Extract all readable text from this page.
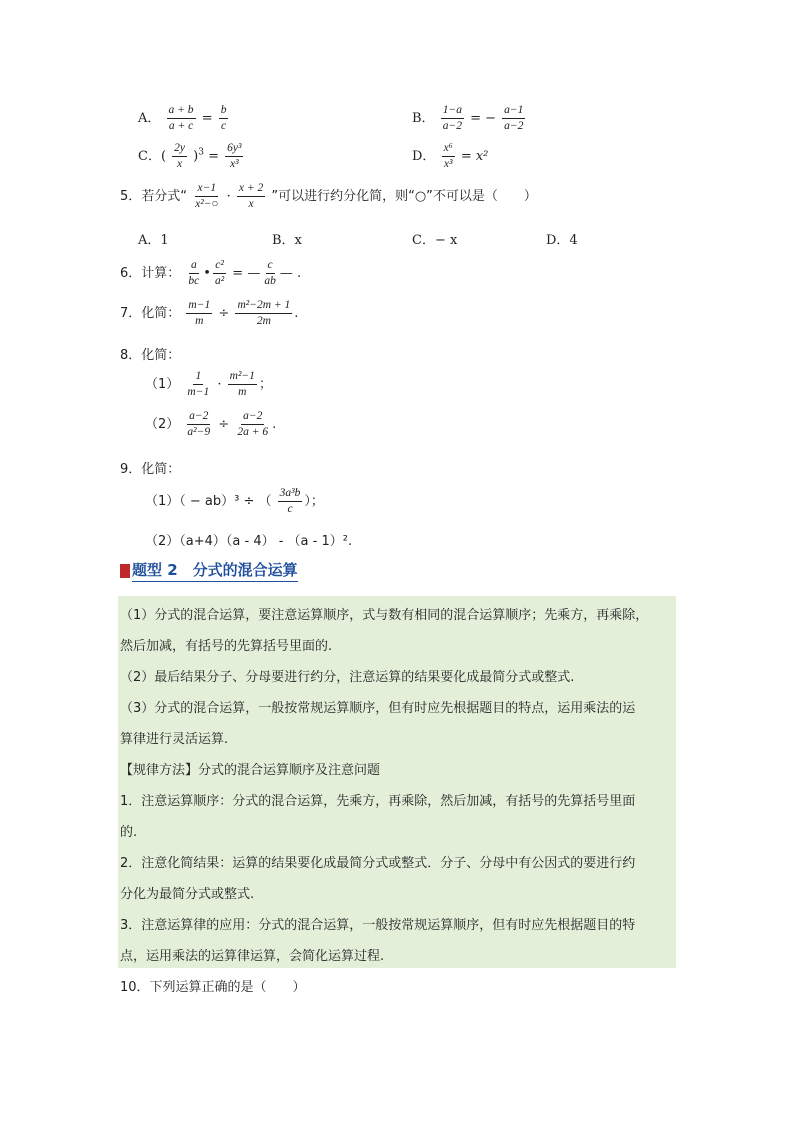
A． $\frac{a + b}{a + c} = \frac{b}{c}$	B． $\frac{1-a}{a-2}$ = − $\frac{a-1}{a-2}$
C．( $\frac{2y}{x} )^3 = \frac{\text{6y³}}{\text{x³}}$	D． $\frac{\text{x⁶}}{\text{x³}} = x^2$
5．若分式“ $\frac{x-1}{\text{x²−○}} \cdot \frac{x + 2}{x}$ ”可以进行约分化简，则“○”不可以是（　　）
A．1	B．x	C．− x	D．4
6．计算： $\frac{a}{bc}$ • $\frac{\text{c²}}{\text{a²}}$ = — $\frac{c}{ab}$ — .
7．化简： $\frac{m-1}{m} \div \frac{\text{m²−2m + 1}}{2m}$ .
8．化简：
$(1) \frac{1}{m-1} \cdot \frac{\text{m²−1}}{m}$ ；
$(2) \frac{a-2}{\text{a²−9}} \div \frac{a-2}{2a + 6}$ .
9．化简：
（1）（ − ab）³ ÷ （ $\frac{\text{3a³b}}{c}$ ）；
（2）（a+4）（a - 4） - （a - 1）².
题型 2　分式的混合运算
（1）分式的混合运算，要注意运算顺序，式与数有相同的混合运算顺序；先乘方，再乘除，
然后加减，有括号的先算括号里面的.
（2）最后结果分子、分母要进行约分，注意运算的结果要化成最简分式或整式.
（3）分式的混合运算，一般按常规运算顺序，但有时应先根据题目的特点，运用乘法的运
算律进行灵活运算.
【规律方法】分式的混合运算顺序及注意问题
1．注意运算顺序：分式的混合运算，先乘方，再乘除，然后加减，有括号的先算括号里面
的.
2．注意化简结果：运算的结果要化成最简分式或整式．分子、分母中有公因式的要进行约
分化为最简分式或整式.
3．注意运算律的应用：分式的混合运算，一般按常规运算顺序，但有时应先根据题目的特
点，运用乘法的运算律运算，会简化运算过程.
10．下列运算正确的是（　　）
